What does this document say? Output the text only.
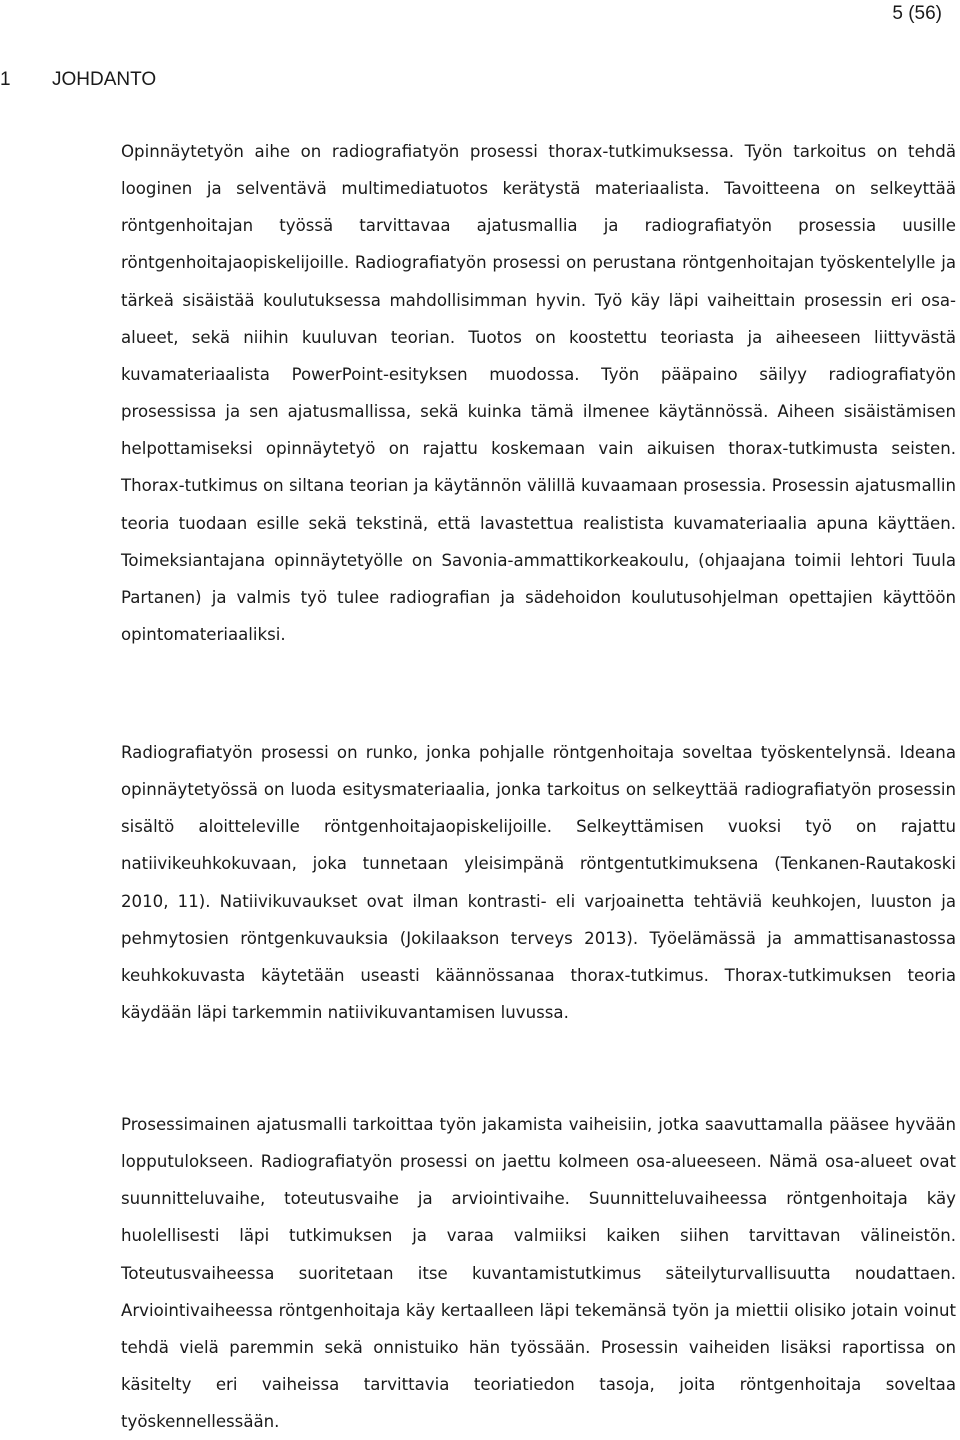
5 (56)
1 JOHDANTO

Opinnäytetyön aihe on radiografiatyön prosessi thorax-tutkimuksessa. Työn tarkoitus on tehdä looginen ja selventävä multimediatuotos kerätystä materiaalista. Tavoitteena on selkeyttää röntgenhoitajan työssä tarvittavaa ajatusmallia ja radiografiatyön prosessia uusille röntgenhoitajaopiskelijoille. Radiografiatyön prosessi on perustana röntgenhoitajan työskentelylle ja tärkeä sisäistää koulutuksessa mahdollisimman hyvin. Työ käy läpi vaiheittain prosessin eri osa-alueet, sekä niihin kuuluvan teorian. Tuotos on koostettu teoriasta ja aiheeseen liittyvästä kuvamateriaalista PowerPoint-esityksen muodossa. Työn pääpaino säilyy radiografiatyön prosessissa ja sen ajatusmallissa, sekä kuinka tämä ilmenee käytännössä. Aiheen sisäistämisen helpottamiseksi opinnäytetyö on rajattu koskemaan vain aikuisen thorax-tutkimusta seisten. Thorax-tutkimus on siltana teorian ja käytännön välillä kuvaamaan prosessia. Prosessin ajatusmallin teoria tuodaan esille sekä tekstinä, että lavastettua realistista kuvamateriaalia apuna käyttäen. Toimeksiantajana opinnäytetyölle on Savonia-ammattikorkeakoulu, (ohjaajana toimii lehtori Tuula Partanen) ja valmis työ tulee radiografian ja sädehoidon koulutusohjelman opettajien käyttöön opintomateriaaliksi.

Radiografiatyön prosessi on runko, jonka pohjalle röntgenhoitaja soveltaa työskentelynsä. Ideana opinnäytetyössä on luoda esitysmateriaalia, jonka tarkoitus on selkeyttää radiografiatyön prosessin sisältö aloitteleville röntgenhoitajaopiskelijoille. Selkeyttämisen vuoksi työ on rajattu natiivikeuhkokuvaan, joka tunnetaan yleisimpänä röntgentutkimuksena (Tenkanen-Rautakoski 2010, 11). Natiivikuvaukset ovat ilman kontrasti- eli varjoainetta tehtäviä keuhkojen, luuston ja pehmytosien röntgenkuvauksia (Jokilaakson terveys 2013). Työelämässä ja ammattisanastossa keuhkokuvasta käytetään useasti käännössanaa thorax-tutkimus. Thorax-tutkimuksen teoria käydään läpi tarkemmin natiivikuvantamisen luvussa.

Prosessimainen ajatusmalli tarkoittaa työn jakamista vaiheisiin, jotka saavuttamalla pääsee hyvään lopputulokseen. Radiografiatyön prosessi on jaettu kolmeen osa-alueeseen. Nämä osa-alueet ovat suunnitteluvaihe, toteutusvaihe ja arviointivaihe. Suunnitteluvaiheessa röntgenhoitaja käy huolellisesti läpi tutkimuksen ja varaa valmiiksi kaiken siihen tarvittavan välineistön. Toteutusvaiheessa suoritetaan itse kuvantamistutkimus säteilyturvallisuutta noudattaen. Arviointivaiheessa röntgenhoitaja käy kertaalleen läpi tekemänsä työn ja miettii olisiko jotain voinut tehdä vielä paremmin sekä onnistuiko hän työssään. Prosessin vaiheiden lisäksi raportissa on käsitelty eri vaiheissa tarvittavia teoriatiedon tasoja, joita röntgenhoitaja soveltaa työskennellessään.
